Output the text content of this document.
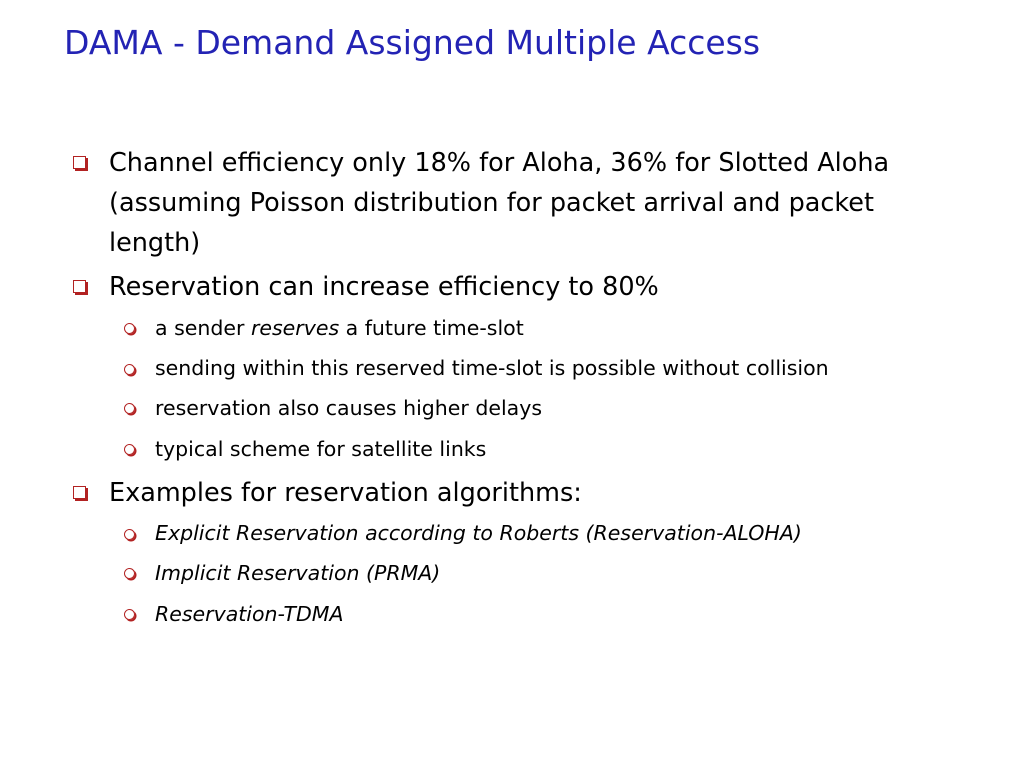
DAMA - Demand Assigned Multiple Access
Channel efficiency only 18% for Aloha, 36% for Slotted Aloha (assuming Poisson distribution for packet arrival and packet length)
Reservation can increase efficiency to 80%
a sender reserves a future time-slot
sending within this reserved time-slot is possible without collision
reservation also causes higher delays
typical scheme for satellite links
Examples for reservation algorithms:
Explicit Reservation according to Roberts (Reservation-ALOHA)
Implicit Reservation (PRMA)
Reservation-TDMA
